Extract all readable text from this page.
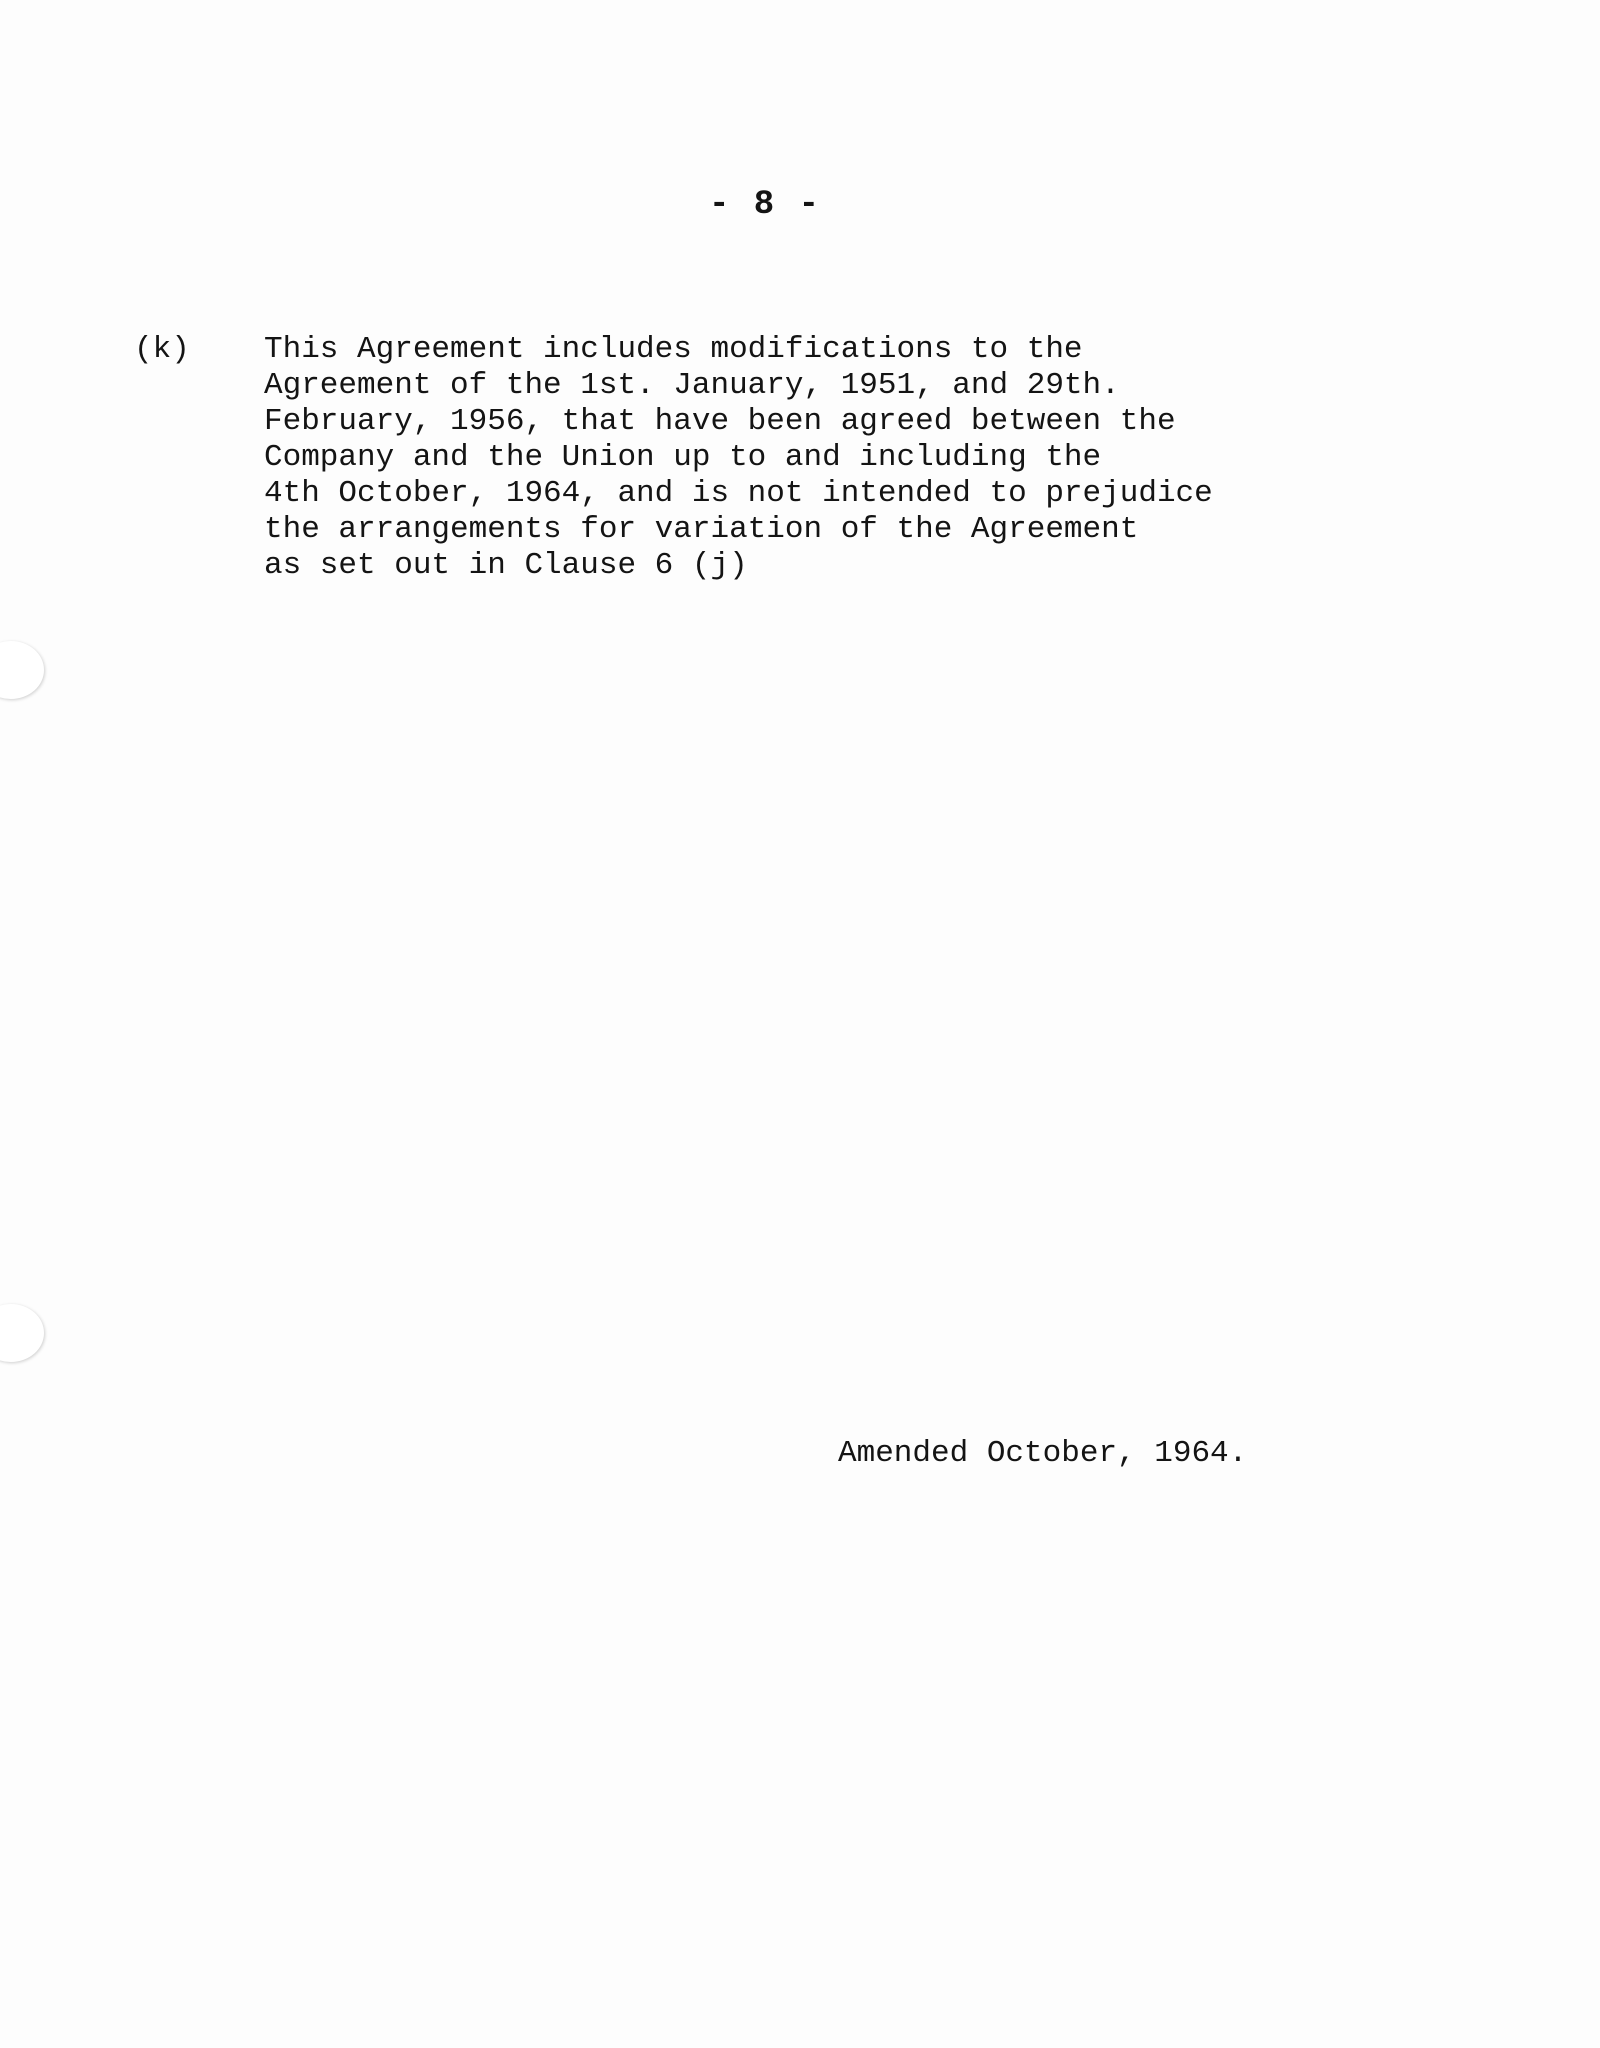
- 8 -
(k) This Agreement includes modifications to the
Agreement of the 1st. January, 1951, and 29th.
February, 1956, that have been agreed between the
Company and the Union up to and including the
4th October, 1964, and is not intended to prejudice
the arrangements for variation of the Agreement
as set out in Clause 6 (j)
Amended October, 1964.
